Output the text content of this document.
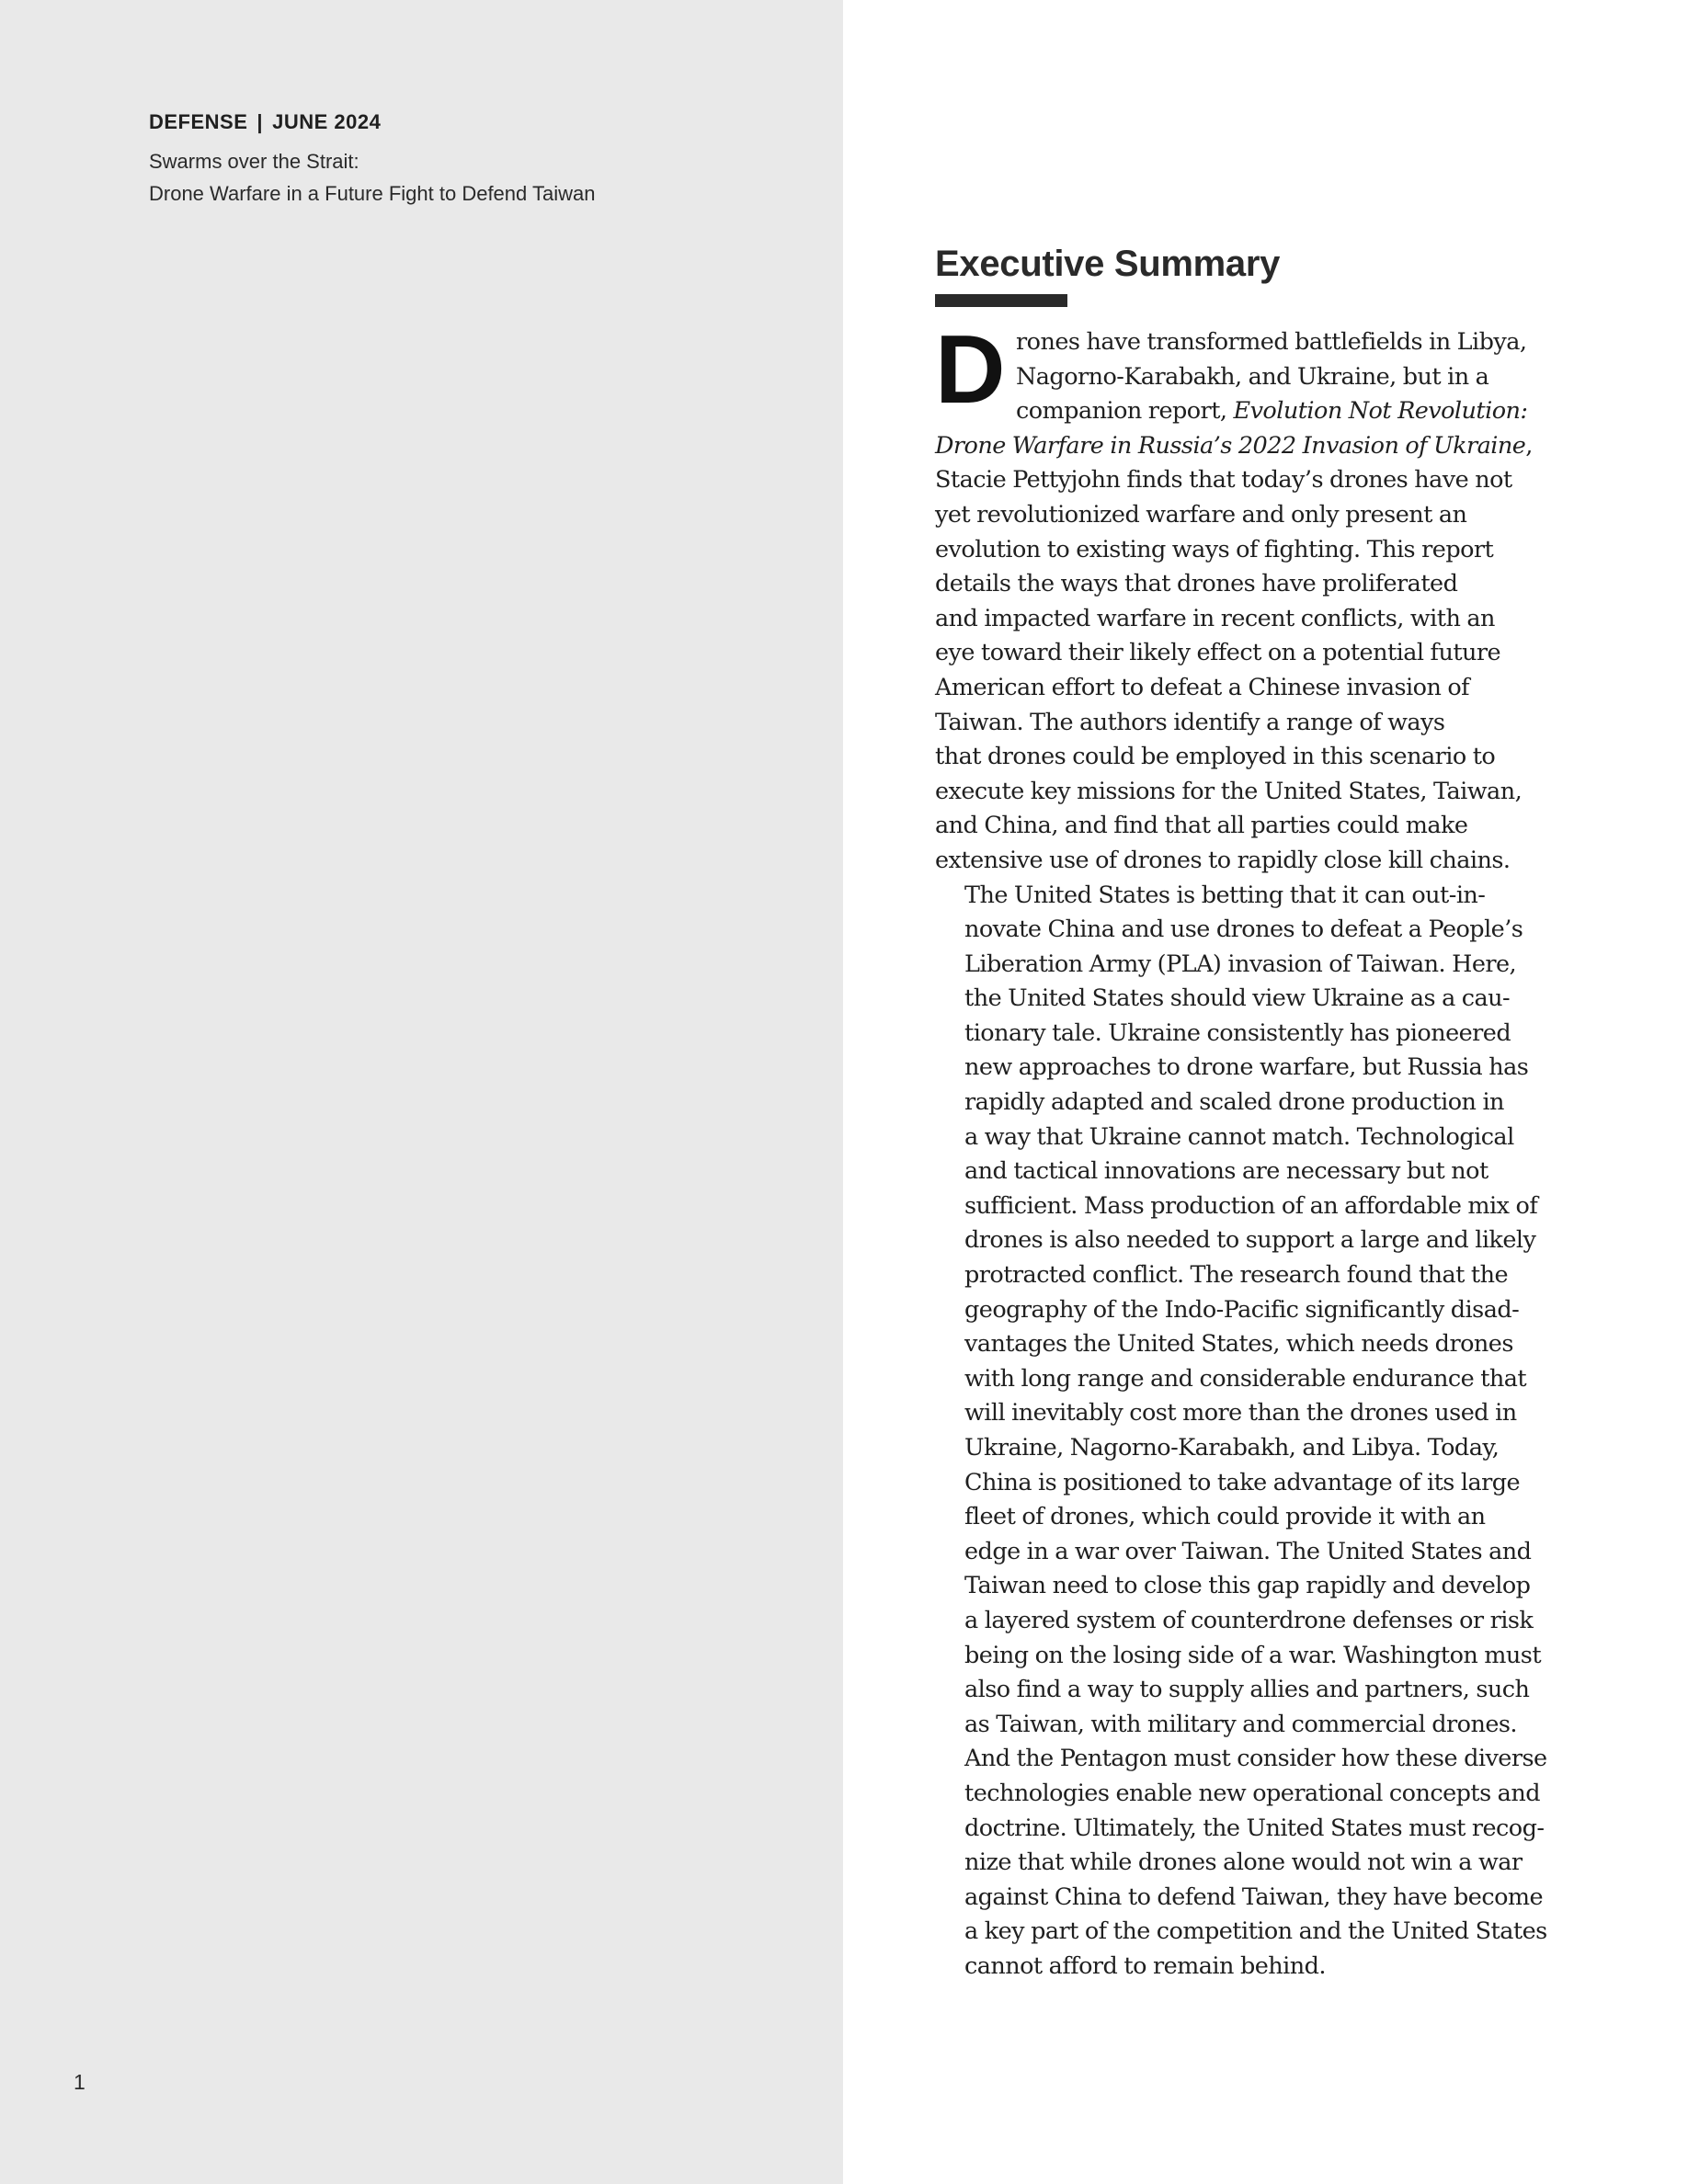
DEFENSE | JUNE 2024

Swarms over the Strait:
Drone Warfare in a Future Fight to Defend Taiwan

1
Executive Summary

D rones have transformed battlefields in Libya,
Nagorno-Karabakh, and Ukraine, but in a
companion report, Evolution Not Revolution:
Drone Warfare in Russia’s 2022 Invasion of Ukraine,
Stacie Pettyjohn finds that today’s drones have not
yet revolutionized warfare and only present an
evolution to existing ways of fighting. This report
details the ways that drones have proliferated
and impacted warfare in recent conflicts, with an
eye toward their likely effect on a potential future
American effort to defeat a Chinese invasion of
Taiwan. The authors identify a range of ways
that drones could be employed in this scenario to
execute key missions for the United States, Taiwan,
and China, and find that all parties could make
extensive use of drones to rapidly close kill chains.

The United States is betting that it can out-in-
novate China and use drones to defeat a People’s
Liberation Army (PLA) invasion of Taiwan. Here,
the United States should view Ukraine as a cau-
tionary tale. Ukraine consistently has pioneered
new approaches to drone warfare, but Russia has
rapidly adapted and scaled drone production in
a way that Ukraine cannot match. Technological
and tactical innovations are necessary but not
sufficient. Mass production of an affordable mix of
drones is also needed to support a large and likely
protracted conflict. The research found that the
geography of the Indo-Pacific significantly disad-
vantages the United States, which needs drones
with long range and considerable endurance that
will inevitably cost more than the drones used in
Ukraine, Nagorno-Karabakh, and Libya. Today,
China is positioned to take advantage of its large
fleet of drones, which could provide it with an
edge in a war over Taiwan. The United States and
Taiwan need to close this gap rapidly and develop
a layered system of counterdrone defenses or risk
being on the losing side of a war. Washington must
also find a way to supply allies and partners, such
as Taiwan, with military and commercial drones.
And the Pentagon must consider how these diverse
technologies enable new operational concepts and
doctrine. Ultimately, the United States must recog-
nize that while drones alone would not win a war
against China to defend Taiwan, they have become
a key part of the competition and the United States
cannot afford to remain behind.
